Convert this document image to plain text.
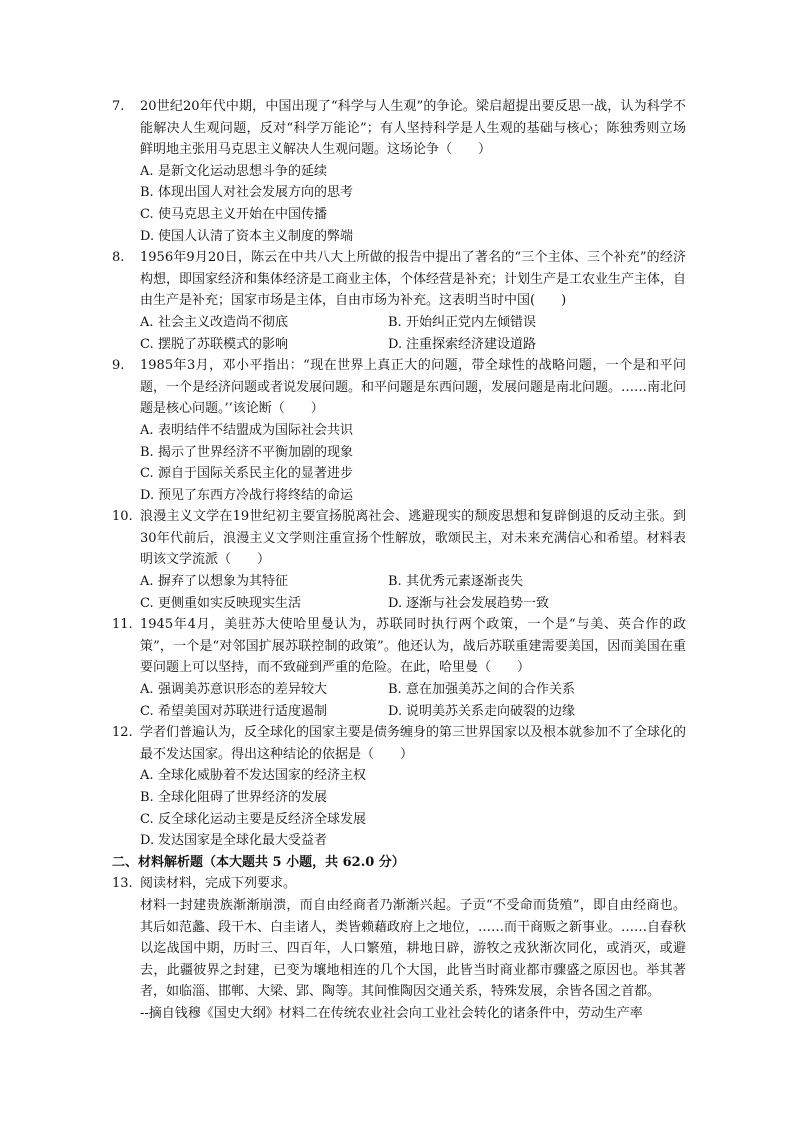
7.	20世纪20年代中期，中国出现了“科学与人生观”的争论。梁启超提出要反思一战，认为科学不能解决人生观问题，反对“科学万能论”；有人坚持科学是人生观的基础与核心；陈独秀则立场鲜明地主张用马克思主义解决人生观问题。这场论争（　　）
A. 是新文化运动思想斗争的延续
B. 体现出国人对社会发展方向的思考
C. 使马克思主义开始在中国传播
D. 使国人认清了资本主义制度的弊端
8.	1956年9月20日，陈云在中共八大上所做的报告中提出了著名的“三个主体、三个补充”的经济构想，即国家经济和集体经济是工商业主体，个体经营是补充；计划生产是工农业生产主体，自由生产是补充；国家市场是主体，自由市场为补充。这表明当时中国(　　)
A. 社会主义改造尚不彻底	B. 开始纠正党内左倾错误
C. 摆脱了苏联模式的影响	D. 注重探索经济建设道路
9.	1985年3月，邓小平指出：“现在世界上真正大的问题，带全球性的战略问题，一个是和平问题，一个是经济问题或者说发展问题。和平问题是东西问题，发展问题是南北问题。……南北问题是核心问题。’’该论断（　　）
A. 表明结伴不结盟成为国际社会共识
B. 揭示了世界经济不平衡加剧的现象
C. 源自于国际关系民主化的显著进步
D. 预见了东西方冷战行将终结的命运
10. 浪漫主义文学在19世纪初主要宣扬脱离社会、逃避现实的颓废思想和复辟倒退的反动主张。到30年代前后，浪漫主义文学则注重宣扬个性解放，歌颂民主，对未来充满信心和希望。材料表明该文学流派（　　）
A. 摒弃了以想象为其特征	B. 其优秀元素逐渐丧失
C. 更侧重如实反映现实生活	D. 逐渐与社会发展趋势一致
11. 1945年4月，美驻苏大使哈里曼认为，苏联同时执行两个政策，一个是“与美、英合作的政策”，一个是“对邻国扩展苏联控制的政策”。他还认为，战后苏联重建需要美国，因而美国在重要问题上可以坚持，而不致碰到严重的危险。在此，哈里曼（　　）
A. 强调美苏意识形态的差异较大	B. 意在加强美苏之间的合作关系
C. 希望美国对苏联进行适度遏制	D. 说明美苏关系走向破裂的边缘
12. 学者们普遍认为，反全球化的国家主要是债务缠身的第三世界国家以及根本就参加不了全球化的最不发达国家。得出这种结论的依据是（　　）
A. 全球化威胁着不发达国家的经济主权
B. 全球化阻碍了世界经济的发展
C. 反全球化运动主要是反经济全球发展
D. 发达国家是全球化最大受益者
二、材料解析题（本大题共 5 小题，共 62.0 分）
13. 阅读材料，完成下列要求。

材料一封建贵族渐渐崩溃，而自由经商者乃渐渐兴起。子贡“不受命而货殖”，即自由经商也。其后如范蠡、段干木、白圭诸人，类皆赖藉政府上之地位，……而干商贩之新事业。……自春秋以迄战国中期，历时三、四百年，人口繁殖，耕地日辟，游牧之戎狄渐次同化，或消灭，或避去，此疆彼界之封建，已变为壤地相连的几个大国，此皆当时商业都市骤盛之原因也。举其著者，如临淄、邯郸、大梁、郢、陶等。其间惟陶因交通关系，特殊发展，余皆各国之首都。

--摘自钱穆《国史大纲》材料二在传统农业社会向工业社会转化的诸条件中，劳动生产率
